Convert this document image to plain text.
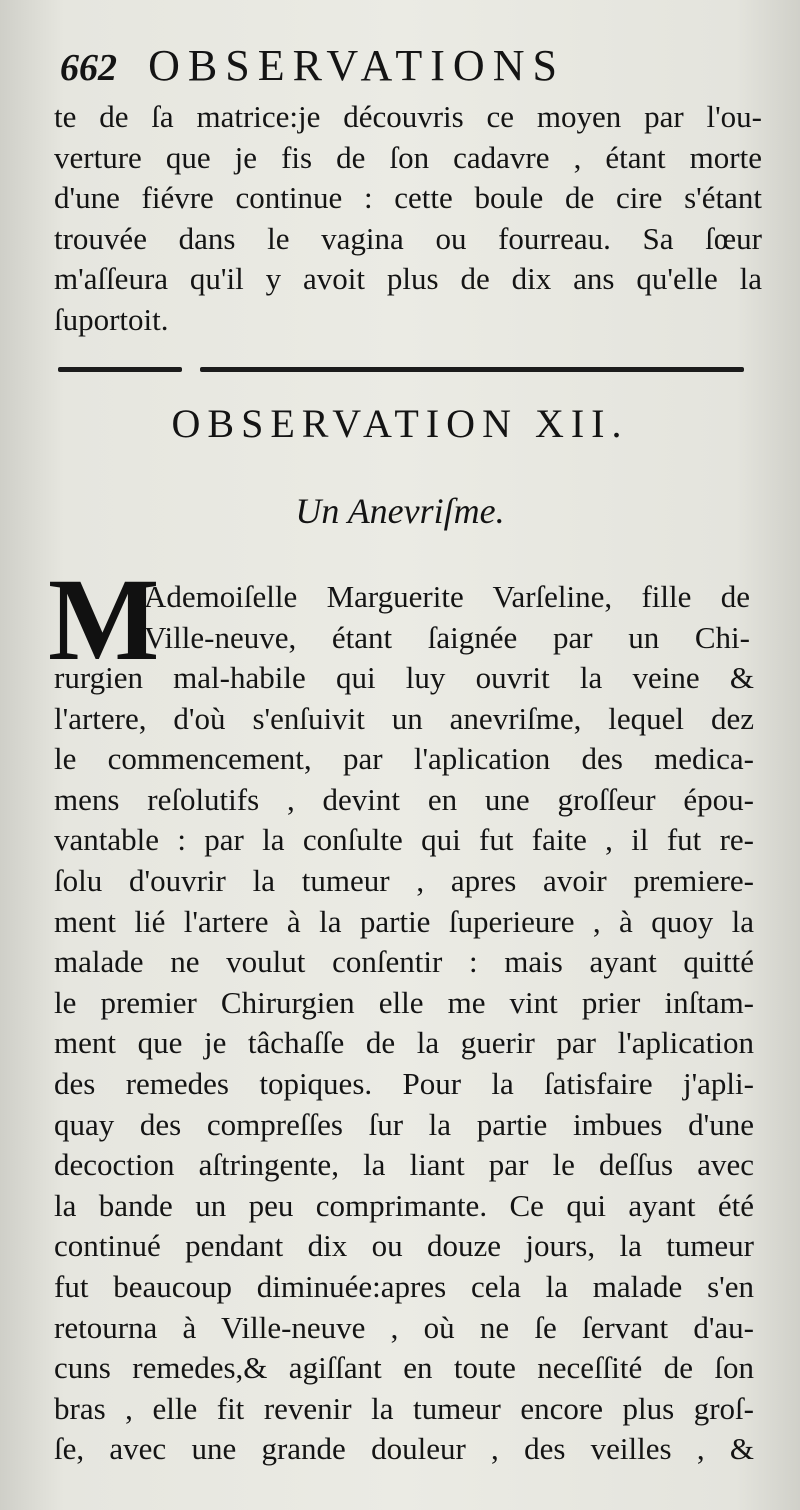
662 OBSERVATIONS
te de ſa matrice:je découvris ce moyen par l'ou-
verture que je fis de ſon cadavre , étant morte
d'une fiévre continue : cette boule de cire s'étant
trouvée dans le vagina ou fourreau. Sa ſœur
m'aſſeura qu'il y avoit plus de dix ans qu'elle la
ſuportoit.
OBSERVATION XII.
Un Anevriſme.
M
Ademoiſelle Marguerite Varſeline, fille de
Ville-neuve, étant ſaignée par un Chi-
rurgien mal-habile qui luy ouvrit la veine &
l'artere, d'où s'enſuivit un anevriſme, lequel dez
le commencement, par l'aplication des medica-
mens reſolutifs , devint en une groſſeur épou-
vantable : par la conſulte qui fut faite , il fut re-
ſolu d'ouvrir la tumeur , apres avoir premiere-
ment lié l'artere à la partie ſuperieure , à quoy la
malade ne voulut conſentir : mais ayant quitté
le premier Chirurgien elle me vint prier inſtam-
ment que je tâchaſſe de la guerir par l'aplication
des remedes topiques. Pour la ſatisfaire j'apli-
quay des compreſſes ſur la partie imbues d'une
decoction aſtringente, la liant par le deſſus avec
la bande un peu comprimante. Ce qui ayant été
continué pendant dix ou douze jours, la tumeur
fut beaucoup diminuée:apres cela la malade s'en
retourna à Ville-neuve , où ne ſe ſervant d'au-
cuns remedes,& agiſſant en toute neceſſité de ſon
bras , elle fit revenir la tumeur encore plus groſ-
ſe, avec une grande douleur , des veilles , &
